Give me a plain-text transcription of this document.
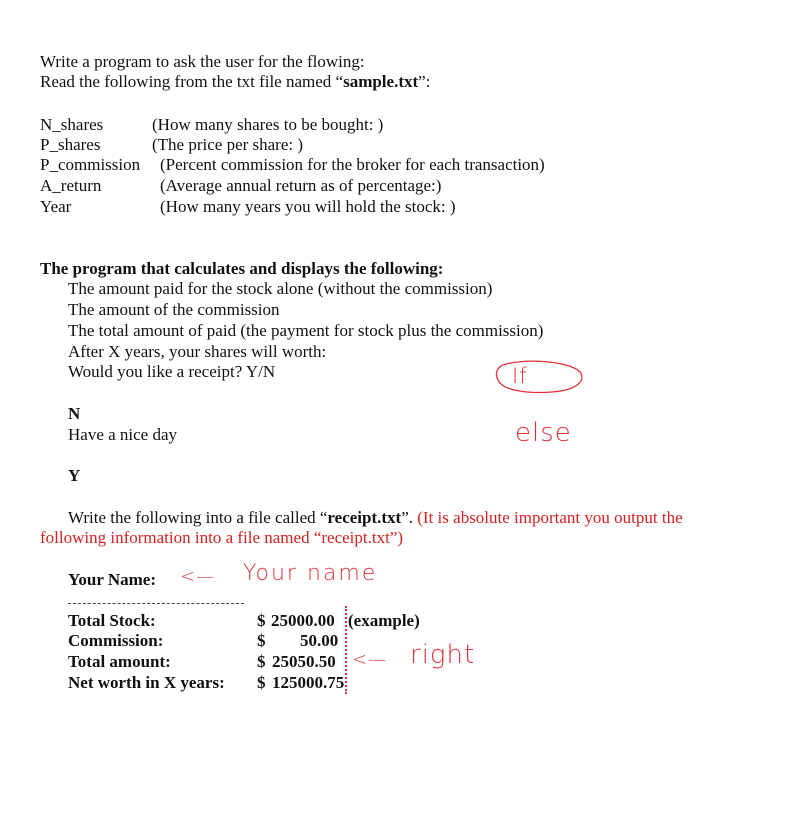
Write a program to ask the user for the flowing:
Read the following from the txt file named “sample.txt”:
N_shares	(How many shares to be bought: )
P_shares	(The price per share: )
P_commission (Percent commission for the broker for each transaction)
A_return	(Average annual return as of percentage:)
Year	(How many years you will hold the stock: )
The program that calculates and displays the following:
The amount paid for the stock alone (without the commission)
The amount of the commission
The total amount of paid (the payment for stock plus the commission)
After X years, your shares will worth:
Would you like a receipt? Y/N
N
Have a nice day
Y
Write the following into a file called “receipt.txt”. (It is absolute important you output the
following information into a file named “receipt.txt”)
Your Name:
Total Stock:	$ 25000.00 (example)
Commission:	$ 50.00
Total amount:	$ 25050.50
Net worth in X years: $ 125000.75
If
else
<— Your name
<— right
